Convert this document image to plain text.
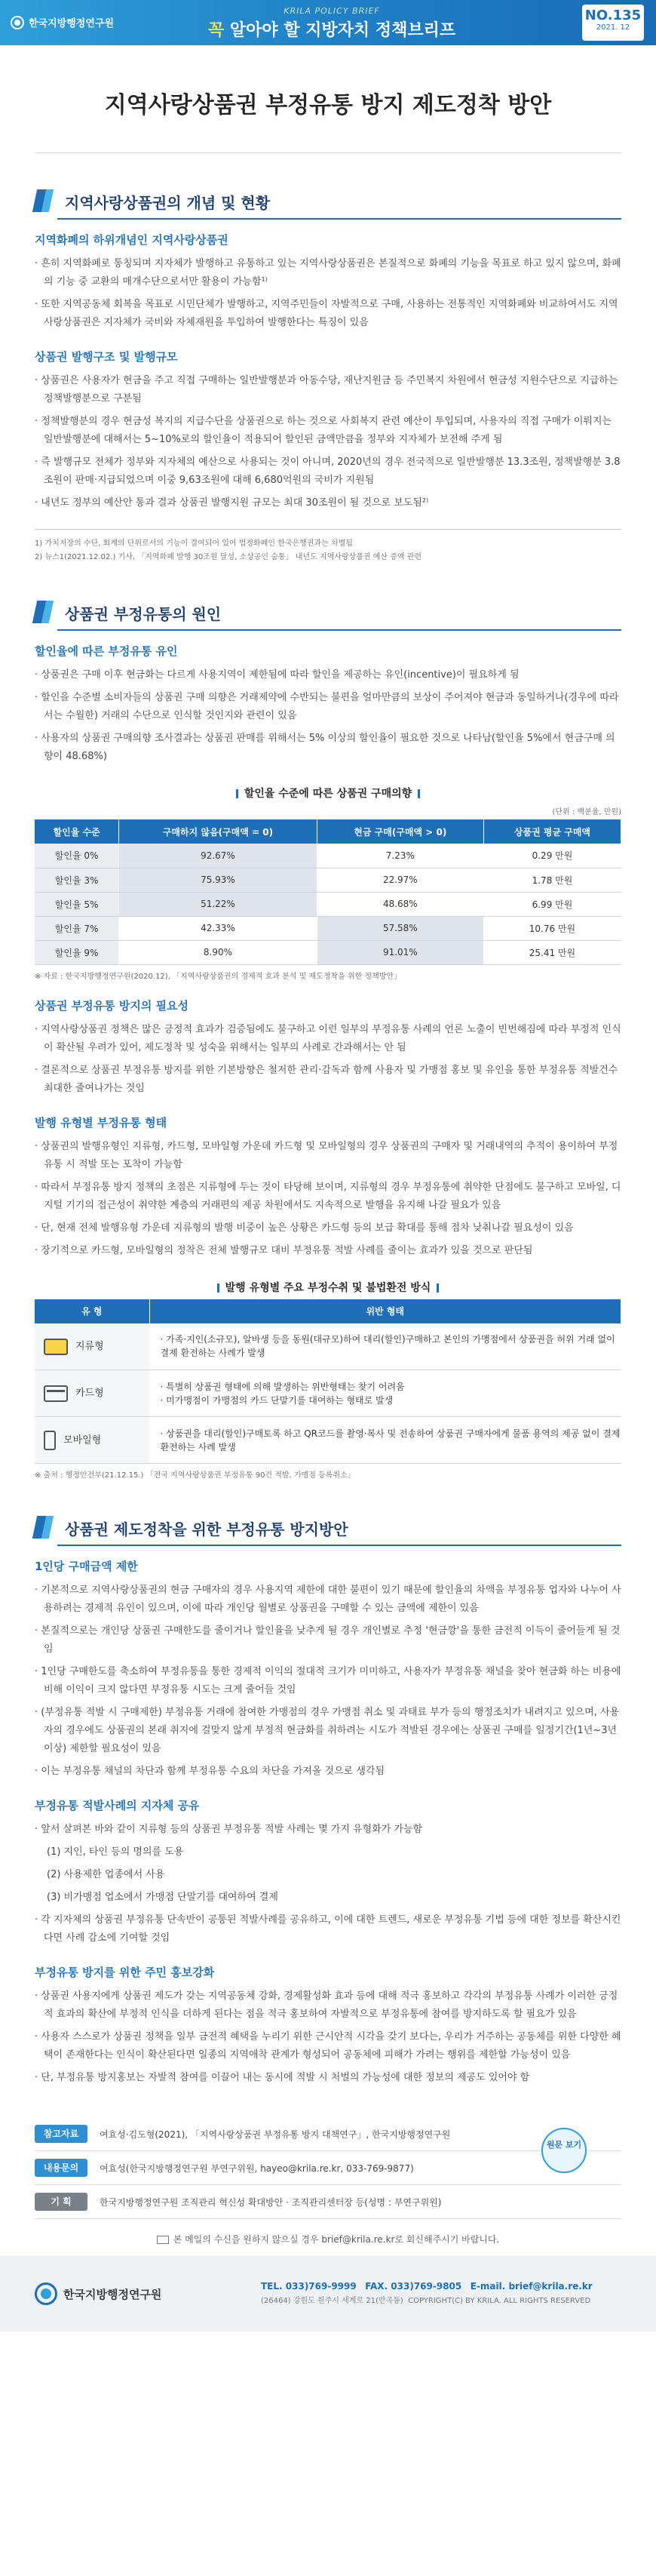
한국지방행정연구원
KRILA POLICY BRIEF
꼭 알아야 할 지방자치 정책브리프
NO.135
2021. 12
지역사랑상품권 부정유통 방지 제도정착 방안
지역사랑상품권의 개념 및 현황
지역화폐의 하위개념인 지역사랑상품권

· 흔히 지역화폐로 통칭되며 지자체가 발행하고 유통하고 있는 지역사랑상품권은 본질적으로 화폐의 기능을 목표로 하고 있지 않으며, 화폐의 기능 중 교환의 매개수단으로서만 활용이 가능함¹⁾

· 또한 지역공동체 회복을 목표로 시민단체가 발행하고, 지역주민들이 자발적으로 구매, 사용하는 전통적인 지역화폐와 비교하여서도 지역사랑상품권은 지자체가 국비와 자체재원을 투입하여 발행한다는 특징이 있음

상품권 발행구조 및 발행규모

· 상품권은 사용자가 현금을 주고 직접 구매하는 일반발행분과 아동수당, 재난지원금 등 주민복지 차원에서 현금성 지원수단으로 지급하는 정책발행분으로 구분됨

· 정책발행분의 경우 현금성 복지의 지급수단을 상품권으로 하는 것으로 사회복지 관련 예산이 투입되며, 사용자의 직접 구매가 이뤄지는 일반발행분에 대해서는 5~10%로의 할인율이 적용되어 할인된 금액만큼을 정부와 지자체가 보전해 주게 됨

· 즉 발행규모 전체가 정부와 지자체의 예산으로 사용되는 것이 아니며, 2020년의 경우 전국적으로 일반발행분 13.3조원, 정책발행분 3.8조원이 판매·지급되었으며 이중 9,63조원에 대해 6,680억원의 국비가 지원됨

· 내년도 정부의 예산안 통과 결과 상품권 발행지원 규모는 최대 30조원이 될 것으로 보도됨²⁾

1) 가치저장의 수단, 회계의 단위로서의 기능이 결여되어 있어 법정화폐인 한국은행권과는 차별됨

2) 뉴스1(2021.12.02.) 기사, 「지역화폐 발행 30조원 달성, 소상공인 숨통」 내년도 지역사랑상품권 예산 증액 관련

상품권 부정유통의 원인
할인율에 따른 부정유통 유인

· 상품권은 구매 이후 현금화는 다르게 사용지역이 제한됨에 따라 할인을 제공하는 유인(incentive)이 필요하게 됨

· 할인을 수준별 소비자들의 상품권 구매 의향은 거래제약에 수반되는 불편을 얼마만큼의 보상이 주어져야 현금과 동일하거나(경우에 따라서는 수월한) 거래의 수단으로 인식할 것인지와 관련이 있음

· 사용자의 상품권 구매의향 조사결과는 상품권 판매를 위해서는 5% 이상의 할인율이 필요한 것으로 나타남(할인율 5%에서 현금구매 의향이 48.68%)

할인율 수준에 따른 상품권 구매의향
(단위 : 백분율, 만원)
할인율 수준	구매하지 않음(구매액 = 0)	현금 구매(구매액 > 0)	상품권 평균 구매액
할인율 0%	92.67%	7.23%	0.29 만원
할인율 3%	75.93%	22.97%	1.78 만원
할인율 5%	51.22%	48.68%	6.99 만원
할인율 7%	42.33%	57.58%	10.76 만원
할인율 9%	8.90%	91.01%	25.41 만원
※ 자료 : 한국지방행정연구원(2020.12), 「지역사랑상품권의 경제적 효과 분석 및 제도정착을 위한 정책방안」
상품권 부정유통 방지의 필요성

· 지역사랑상품권 정책은 많은 긍정적 효과가 검증됨에도 불구하고 이런 일부의 부정유통 사례의 언론 노출이 빈번해짐에 따라 부정적 인식이 확산될 우려가 있어, 제도정착 및 성숙을 위해서는 일부의 사례로 간과해서는 안 됨

· 결론적으로 상품권 부정유통 방지를 위한 기본방향은 철저한 관리·감독과 함께 사용자 및 가맹점 홍보 및 유인을 통한 부정유통 적발건수 최대한 줄여나가는 것임

발행 유형별 부정유통 형태

· 상품권의 발행유형인 지류형, 카드형, 모바일형 가운데 카드형 및 모바일형의 경우 상품권의 구매자 및 거래내역의 추적이 용이하여 부정유통 시 적발 또는 포착이 가능함

· 따라서 부정유통 방지 정책의 초점은 지류형에 두는 것이 타당해 보이며, 지류형의 경우 부정유통에 취약한 단점에도 불구하고 모바일, 디지털 기기의 접근성이 취약한 계층의 거래편의 제공 차원에서도 지속적으로 발행을 유지해 나갈 필요가 있음

· 단, 현재 전체 발행유형 가운데 지류형의 발행 비중이 높은 상황은 카드형 등의 보급 확대를 통해 점차 낮춰나갈 필요성이 있음

· 장기적으로 카드형, 모바일형의 정착은 전체 발행규모 대비 부정유통 적발 사례를 줄이는 효과가 있을 것으로 판단됨

발행 유형별 주요 부정수취 및 불법환전 방식
유 형	위반 형태
지류형	· 가족·지인(소규모), 알바생 등을 동원(대규모)하여 대리(할인)구매하고 본인의 가맹점에서 상품권을 허위 거래 없이 결제 환전하는 사례가 발생

카드형	· 특별히 상품권 형태에 의해 발생하는 위반형태는 찾기 어려움

· 미가맹점이 가맹점의 카드 단말기를 대여하는 형태로 발생

모바일형	· 상품권을 대리(할인)구매토록 하고 QR코드를 촬영·복사 및 전송하여 상품권 구매자에게 물품 용역의 제공 없이 결제 환전하는 사례 발생

※ 출처 : 행정안전부(21.12.15.) 「전국 지역사랑상품권 부정유통 90건 적발, 가맹점 등록취소」
상품권 제도정착을 위한 부정유통 방지방안
1인당 구매금액 제한

· 기본적으로 지역사랑상품권의 현금 구매자의 경우 사용지역 제한에 대한 불편이 있기 때문에 할인율의 차액을 부정유통 업자와 나누어 사용하려는 경제적 유인이 있으며, 이에 따라 개인당 월별로 상품권을 구매할 수 있는 금액에 제한이 있음

· 본질적으로는 개인당 상품권 구매한도를 줄이거나 할인율을 낮추게 될 경우 개인별로 추정 '현금깡'을 통한 금전적 이득이 줄어들게 될 것임

· 1인당 구매한도를 축소하여 부정유통을 통한 경제적 이익의 절대적 크기가 미미하고, 사용자가 부정유통 채널을 찾아 현금화 하는 비용에 비해 이익이 크지 않다면 부정유통 시도는 크게 줄어들 것임

· (부정유통 적발 시 구매제한) 부정유통 거래에 참여한 가맹점의 경우 가맹점 취소 및 과태료 부가 등의 행정조치가 내려지고 있으며, 사용자의 경우에도 상품권의 본래 취지에 걸맞지 않게 부정적 현금화를 취하려는 시도가 적발된 경우에는 상품권 구매를 일정기간(1년~3년 이상) 제한할 필요성이 있음

· 이는 부정유통 채널의 차단과 함께 부정유통 수요의 차단을 가져올 것으로 생각됨

부정유통 적발사례의 지자체 공유

· 앞서 살펴본 바와 같이 지류형 등의 상품권 부정유통 적발 사례는 몇 가지 유형화가 가능함

(1) 지인, 타인 등의 명의를 도용

(2) 사용제한 업종에서 사용

(3) 비가맹점 업소에서 가맹점 단말기를 대여하여 결제

· 각 지자체의 상품권 부정유통 단속반이 공통된 적발사례를 공유하고, 이에 대한 트렌드, 새로운 부정유통 기법 등에 대한 정보를 확산시킨다면 사례 감소에 기여할 것임

부정유통 방지를 위한 주민 홍보강화

· 상품권 사용지에게 상품권 제도가 갖는 지역공동체 강화, 경제활성화 효과 등에 대해 적극 홍보하고 각각의 부정유통 사례가 이러한 긍정적 효과의 확산에 부정적 인식을 더하게 된다는 점을 적극 홍보하여 자발적으로 부정유통에 참여를 방지하도록 할 필요가 있음

· 사용자 스스로가 상품권 정책을 일부 금전적 혜택을 누리기 위한 근시안적 시각을 갖기 보다는, 우리가 거주하는 공동체를 위한 다양한 혜택이 존재한다는 인식이 확산된다면 일종의 지역애착 관계가 형성되어 공동체에 피해가 가려는 행위를 제한할 가능성이 있음

· 단, 부정유통 방지홍보는 자발적 참여를 이끌어 내는 동시에 적발 시 처벌의 가능성에 대한 정보의 제공도 있어야 함

원문 보기
참고자료	여효성·김도형(2021), 「지역사랑상품권 부정유통 방지 대책연구」, 한국지방행정연구원
내용문의	여효성(한국지방행정연구원 부연구위원, hayeo@krila.re.kr, 033-769-9877)
기 획	한국지방행정연구원 조직관리 혁신성 확대방안 · 조직관리센터장 등(성명 : 부연구위원)
본 메일의 수신을 원하지 않으실 경우 brief@krila.re.kr로 회신해주시기 바랍니다.
한국지방행정연구원
TEL. 033)769-9999 FAX. 033)769-9805 E-mail. brief@krila.re.kr
(26464) 강원도 원주시 세계로 21(반곡동) COPYRIGHT(C) BY KRILA. ALL RIGHTS RESERVED
